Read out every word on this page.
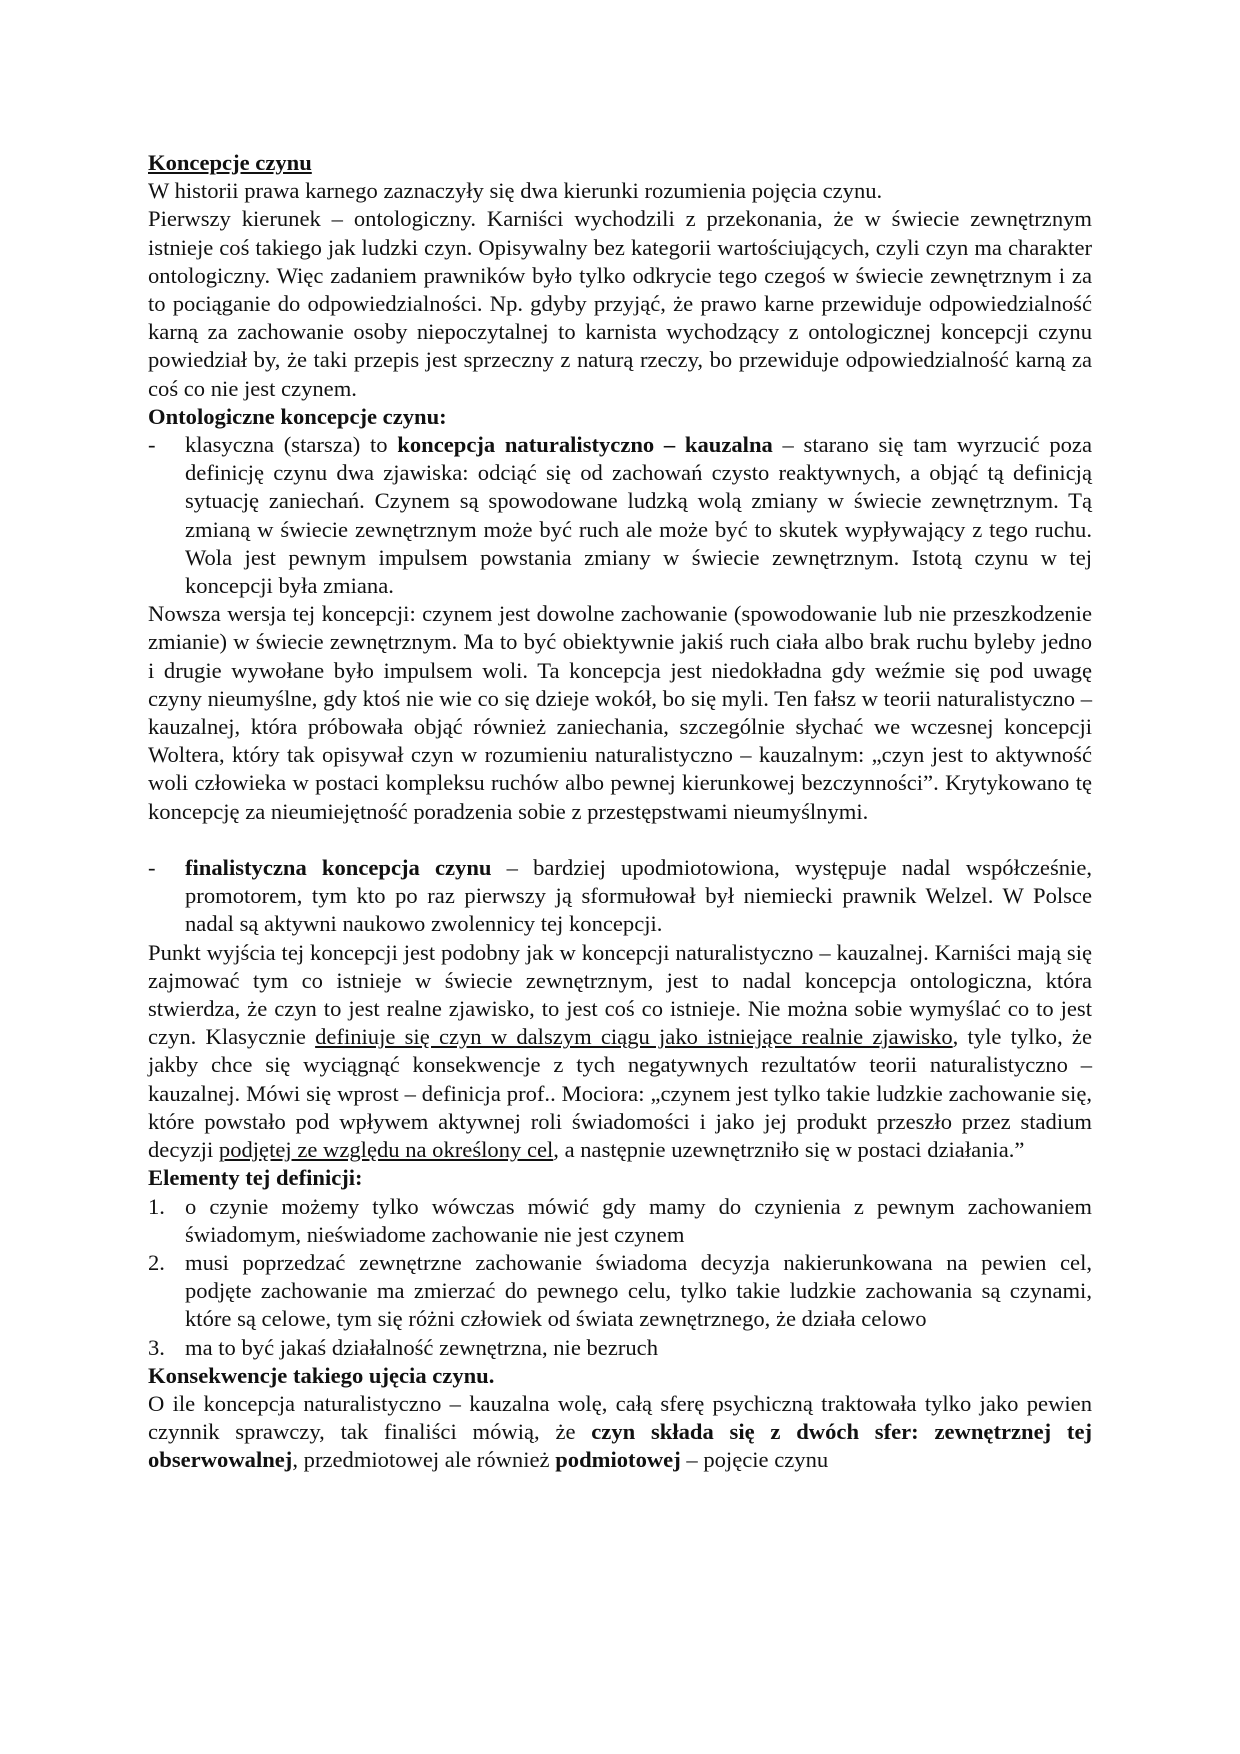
Koncepcje czynu

W historii prawa karnego zaznaczyły się dwa kierunki rozumienia pojęcia czynu.

Pierwszy kierunek – ontologiczny. Karniści wychodzili z przekonania, że w świecie zewnętrznym istnieje coś takiego jak ludzki czyn. Opisywalny bez kategorii wartościujących, czyli czyn ma charakter ontologiczny. Więc zadaniem prawników było tylko odkrycie tego czegoś w świecie zewnętrznym i za to pociąganie do odpowiedzialności. Np. gdyby przyjąć, że prawo karne przewiduje odpowiedzialność karną za zachowanie osoby niepoczytalnej to karnista wychodzący z ontologicznej koncepcji czynu powiedział by, że taki przepis jest sprzeczny z naturą rzeczy, bo przewiduje odpowiedzialność karną za coś co nie jest czynem.

Ontologiczne koncepcje czynu:

-	klasyczna (starsza) to koncepcja naturalistyczno – kauzalna – starano się tam wyrzucić poza definicję czynu dwa zjawiska: odciąć się od zachowań czysto reaktywnych, a objąć tą definicją sytuację zaniechań. Czynem są spowodowane ludzką wolą zmiany w świecie zewnętrznym. Tą zmianą w świecie zewnętrznym może być ruch ale może być to skutek wypływający z tego ruchu. Wola jest pewnym impulsem powstania zmiany w świecie zewnętrznym. Istotą czynu w tej koncepcji była zmiana.

Nowsza wersja tej koncepcji: czynem jest dowolne zachowanie (spowodowanie lub nie przeszkodzenie zmianie) w świecie zewnętrznym. Ma to być obiektywnie jakiś ruch ciała albo brak ruchu byleby jedno i drugie wywołane było impulsem woli. Ta koncepcja jest niedokładna gdy weźmie się pod uwagę czyny nieumyślne, gdy ktoś nie wie co się dzieje wokół, bo się myli. Ten fałsz w teorii naturalistyczno – kauzalnej, która próbowała objąć również zaniechania, szczególnie słychać we wczesnej koncepcji Woltera, który tak opisywał czyn w rozumieniu naturalistyczno – kauzalnym: „czyn jest to aktywność woli człowieka w postaci kompleksu ruchów albo pewnej kierunkowej bezczynności”. Krytykowano tę koncepcję za nieumiejętność poradzenia sobie z przestępstwami nieumyślnymi.

-	finalistyczna koncepcja czynu – bardziej upodmiotowiona, występuje nadal współcześnie, promotorem, tym kto po raz pierwszy ją sformułował był niemiecki prawnik Welzel. W Polsce nadal są aktywni naukowo zwolennicy tej koncepcji.

Punkt wyjścia tej koncepcji jest podobny jak w koncepcji naturalistyczno – kauzalnej. Karniści mają się zajmować tym co istnieje w świecie zewnętrznym, jest to nadal koncepcja ontologiczna, która stwierdza, że czyn to jest realne zjawisko, to jest coś co istnieje. Nie można sobie wymyślać co to jest czyn. Klasycznie definiuje się czyn w dalszym ciągu jako istniejące realnie zjawisko, tyle tylko, że jakby chce się wyciągnąć konsekwencje z tych negatywnych rezultatów teorii naturalistyczno – kauzalnej. Mówi się wprost – definicja prof.. Mociora: „czynem jest tylko takie ludzkie zachowanie się, które powstało pod wpływem aktywnej roli świadomości i jako jej produkt przeszło przez stadium decyzji podjętej ze względu na określony cel, a następnie uzewnętrzniło się w postaci działania.”

Elementy tej definicji:

1. o czynie możemy tylko wówczas mówić gdy mamy do czynienia z pewnym zachowaniem świadomym, nieświadome zachowanie nie jest czynem
2. musi poprzedzać zewnętrzne zachowanie świadoma decyzja nakierunkowana na pewien cel, podjęte zachowanie ma zmierzać do pewnego celu, tylko takie ludzkie zachowania są czynami, które są celowe, tym się różni człowiek od świata zewnętrznego, że działa celowo
3. ma to być jakaś działalność zewnętrzna, nie bezruch

Konsekwencje takiego ujęcia czynu.

O ile koncepcja naturalistyczno – kauzalna wolę, całą sferę psychiczną traktowała tylko jako pewien czynnik sprawczy, tak finaliści mówią, że czyn składa się z dwóch sfer: zewnętrznej tej obserwowalnej, przedmiotowej ale również podmiotowej – pojęcie czynu
